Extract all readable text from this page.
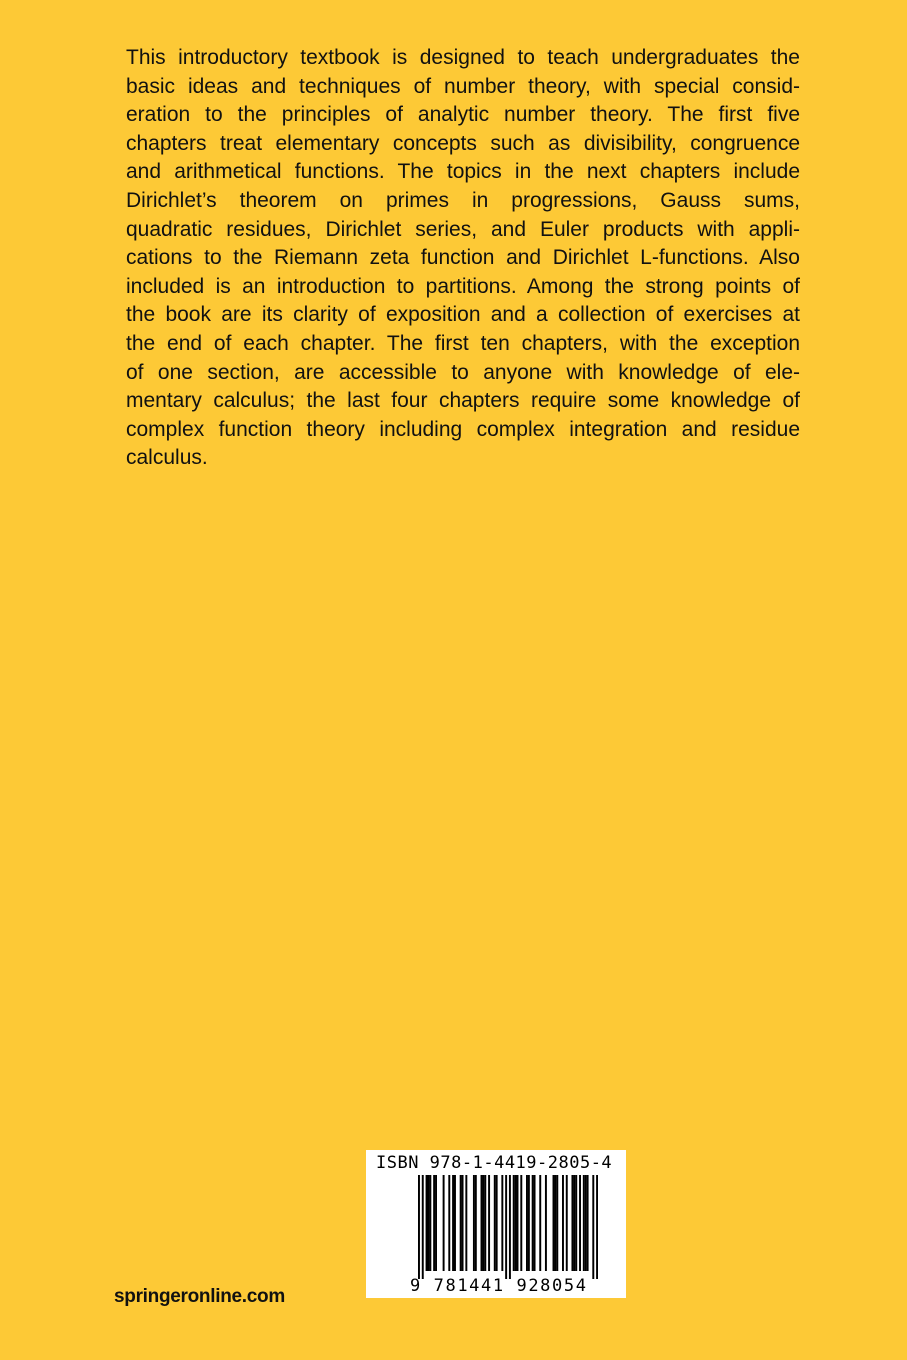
This introductory textbook is designed to teach undergraduates the
basic ideas and techniques of number theory, with special consid-
eration to the principles of analytic number theory. The first five
chapters treat elementary concepts such as divisibility, congruence
and arithmetical functions. The topics in the next chapters include
Dirichlet’s theorem on primes in progressions, Gauss sums,
quadratic residues, Dirichlet series, and Euler products with appli-
cations to the Riemann zeta function and Dirichlet L-functions. Also
included is an introduction to partitions. Among the strong points of
the book are its clarity of exposition and a collection of exercises at
the end of each chapter. The first ten chapters, with the exception
of one section, are accessible to anyone with knowledge of ele-
mentary calculus; the last four chapters require some knowledge of
complex function theory including complex integration and residue
calculus.
springeronline.com
ISBN 978-1-4419-2805-4
9 781441 928054
